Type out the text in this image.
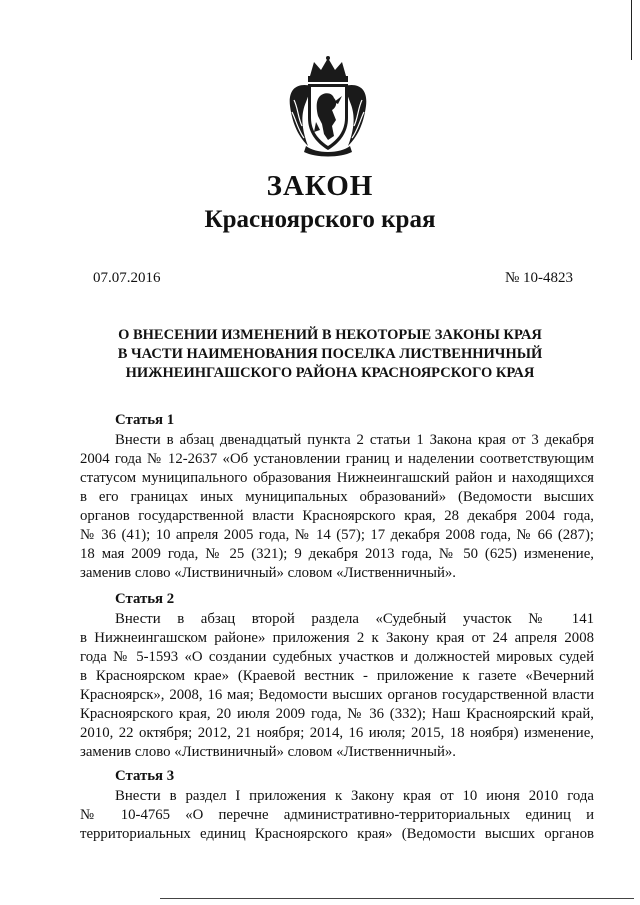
ЗАКОН
Красноярского края
07.07.2016	№ 10-4823
О ВНЕСЕНИИ ИЗМЕНЕНИЙ В НЕКОТОРЫЕ ЗАКОНЫ КРАЯ
В ЧАСТИ НАИМЕНОВАНИЯ ПОСЕЛКА ЛИСТВЕННИЧНЫЙ
НИЖНЕИНГАШСКОГО РАЙОНА КРАСНОЯРСКОГО КРАЯ
Статья 1
Внести в абзац двенадцатый пункта 2 статьи 1 Закона края от 3 декабря
2004 года № 12-2637 «Об установлении границ и наделении соответствующим
статусом муниципального образования Нижнеингашский район и находящихся
в его границах иных муниципальных образований» (Ведомости высших
органов государственной власти Красноярского края, 28 декабря 2004 года,
№ 36 (41); 10 апреля 2005 года, № 14 (57); 17 декабря 2008 года, № 66 (287);
18 мая 2009 года, № 25 (321); 9 декабря 2013 года, № 50 (625) изменение,
заменив слово «Листвиничный» словом «Лиственничный».
Статья 2
Внести в абзац второй раздела «Судебный участок № 141
в Нижнеингашском районе» приложения 2 к Закону края от 24 апреля 2008
года № 5-1593 «О создании судебных участков и должностей мировых судей
в Красноярском крае» (Краевой вестник - приложение к газете «Вечерний
Красноярск», 2008, 16 мая; Ведомости высших органов государственной власти
Красноярского края, 20 июля 2009 года, № 36 (332); Наш Красноярский край,
2010, 22 октября; 2012, 21 ноября; 2014, 16 июля; 2015, 18 ноября) изменение,
заменив слово «Листвиничный» словом «Лиственничный».
Статья 3
Внести в раздел I приложения к Закону края от 10 июня 2010 года
№ 10-4765 «О перечне административно-территориальных единиц и
территориальных единиц Красноярского края» (Ведомости высших органов
